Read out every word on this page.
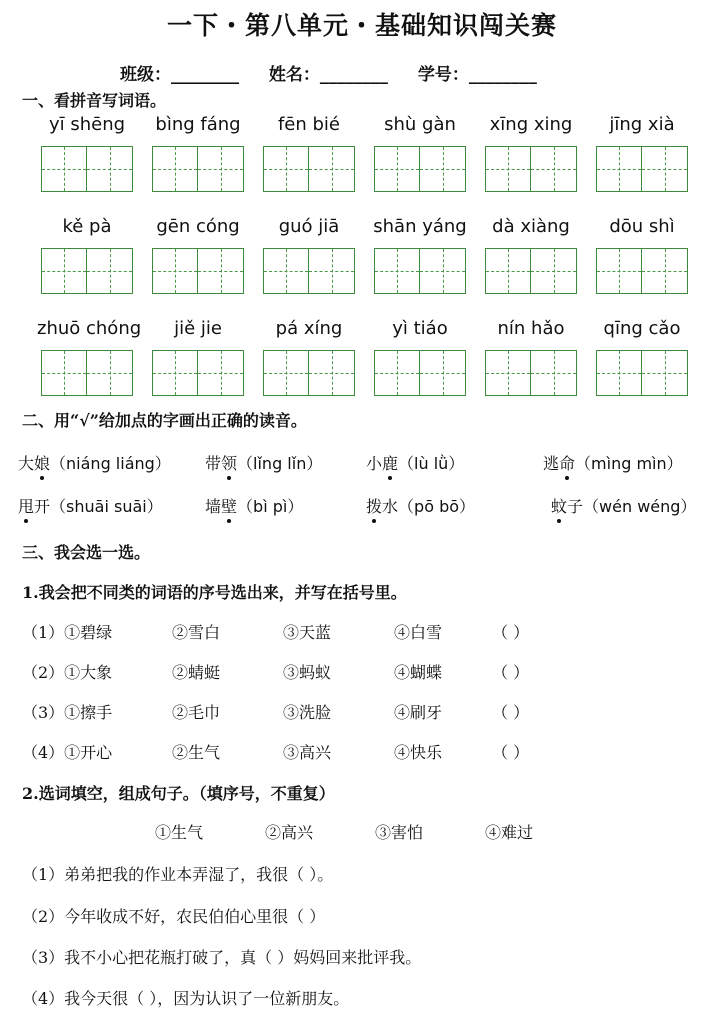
一下・第八单元・基础知识闯关赛
班级：________ 姓名：________ 学号：________
一、看拼音写词语。
yī shēng	bìng fáng	fēn bié	shù gàn	xīng xing	jīng xià
kě pà	gēn cóng	guó jiā	shān yáng	dà xiàng	dōu shì
zhuō chóng	jiě jie	pá xíng	yì tiáo	nín hǎo	qīng cǎo
二、用“√”给加点的字画出正确的读音。
大娘（niáng liáng） 带领（lǐng lǐn）	小鹿（lù lǜ）	逃命（mìng mìn）
甩开（shuāi suāi）	墙壁（bì pì）	拨水（pō bō）	蚊子（wén wéng）
三、我会选一选。
1.我会把不同类的词语的序号选出来，并写在括号里。
（1）①碧绿	②雪白	③天蓝	④白雪	（ ）
（2）①大象	②蜻蜓	③蚂蚁	④蝴蝶	（ ）
（3）①擦手	②毛巾	③洗脸	④刷牙	（ ）
（4）①开心	②生气	③高兴	④快乐	（ ）
2.选词填空，组成句子。（填序号，不重复）
①生气	②高兴	③害怕	④难过
（1）弟弟把我的作业本弄湿了，我很（ ）。
（2）今年收成不好，农民伯伯心里很（ ）
（3）我不小心把花瓶打破了，真（ ）妈妈回来批评我。
（4）我今天很（ ），因为认识了一位新朋友。
